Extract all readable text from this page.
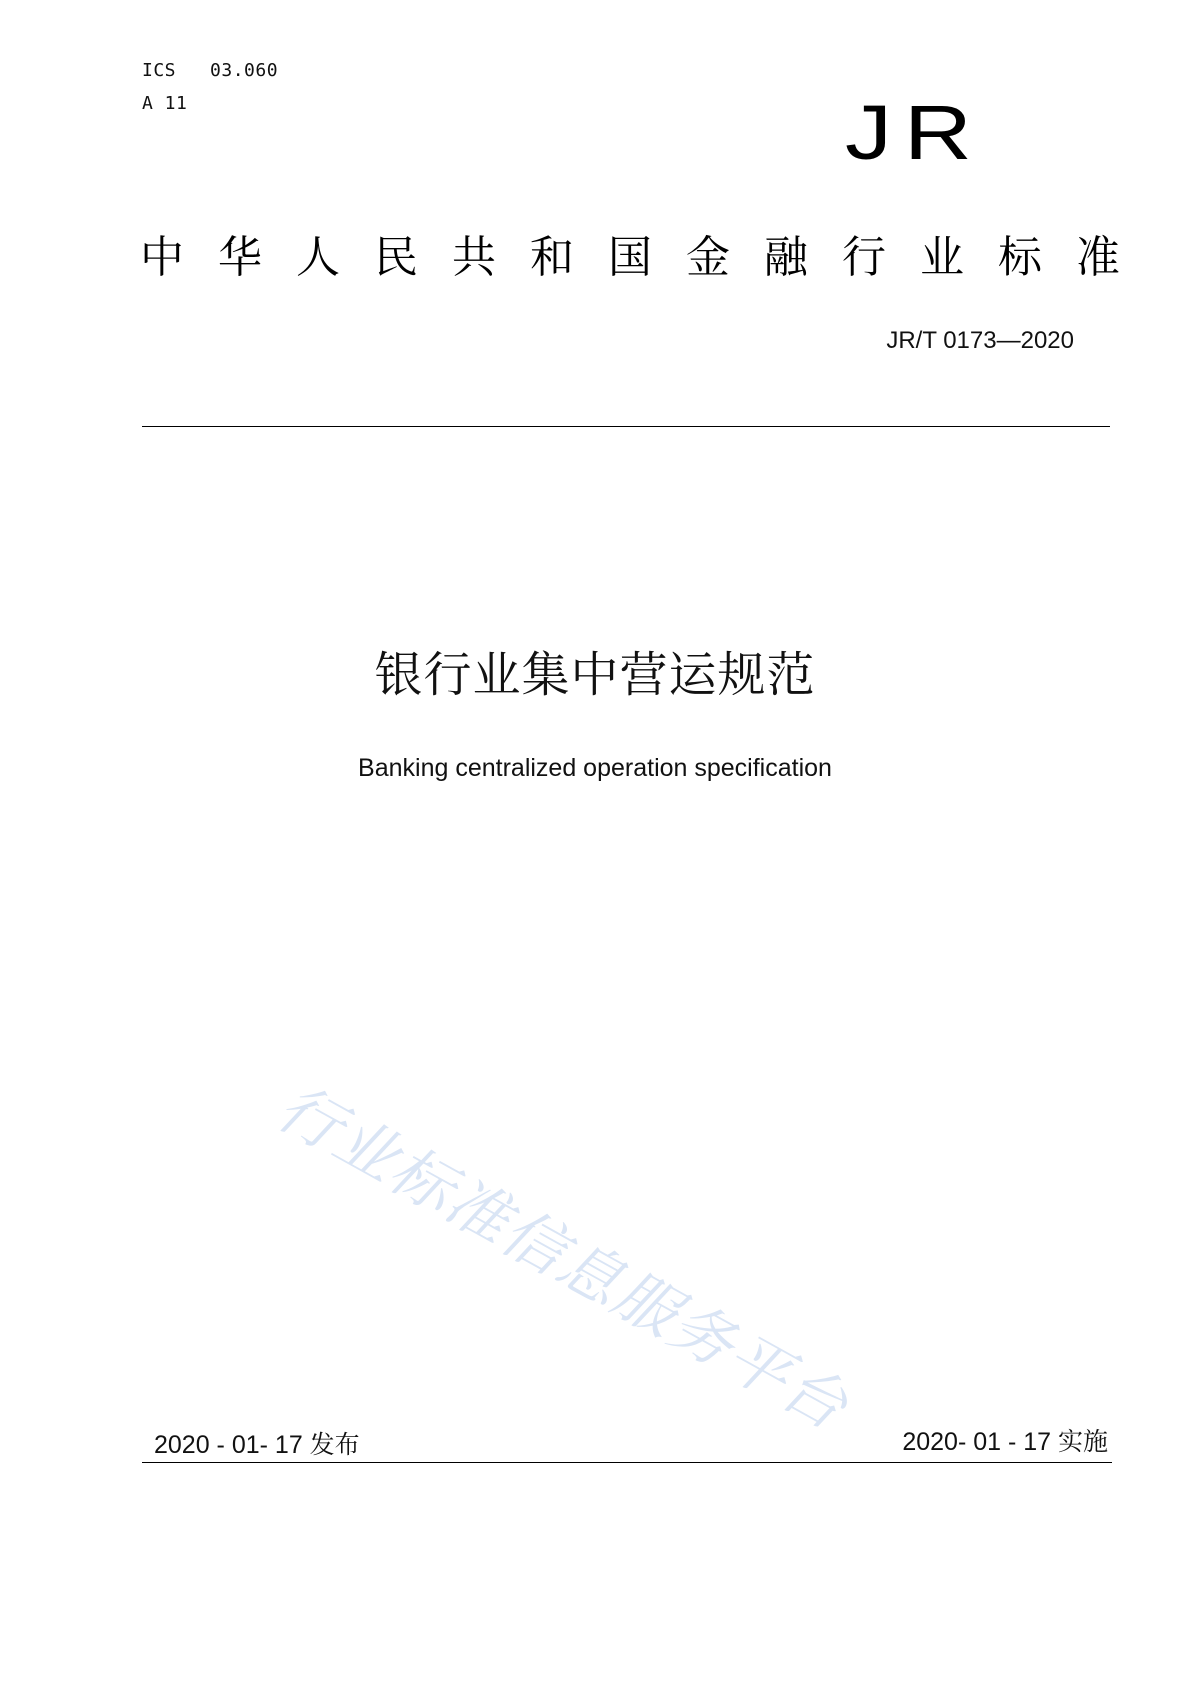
ICS   03.060
A 11	JR
中 华 人 民 共 和 国 金 融 行 业 标 准
JR/T 0173—2020
银行业集中营运规范
Banking centralized operation specification
行业标准信息服务平台
2020 - 01- 17 发布	2020- 01 - 17 实施
